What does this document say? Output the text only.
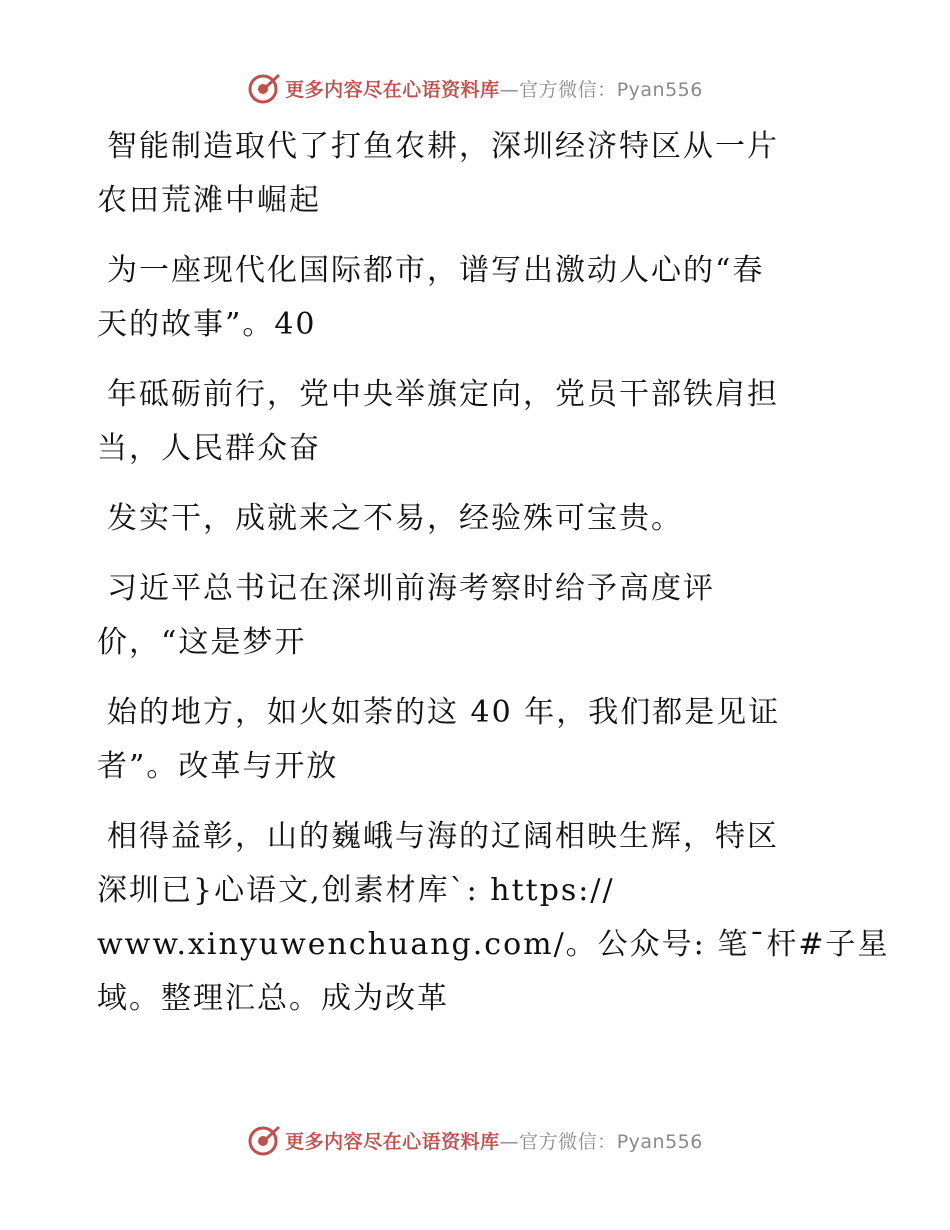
更多内容尽在心语资料库—官方微信：Pyan556
智能制造取代了打鱼农耕，深圳经济特区从一片
农田荒滩中崛起
为一座现代化国际都市，谱写出激动人心的“春
天的故事”。40
年砥砺前行，党中央举旗定向，党员干部铁肩担
当，人民群众奋
发实干，成就来之不易，经验殊可宝贵。
习近平总书记在深圳前海考察时给予高度评
价，“这是梦开
始的地方，如火如荼的这 40 年，我们都是见证
者”。改革与开放
相得益彰，山的巍峨与海的辽阔相映生辉，特区
深圳已}心语文,创素材库`: https://
www.xinyuwenchuang.com/。公众号: 笔¯杆#子星
域。整理汇总。成为改革
更多内容尽在心语资料库—官方微信：Pyan556
